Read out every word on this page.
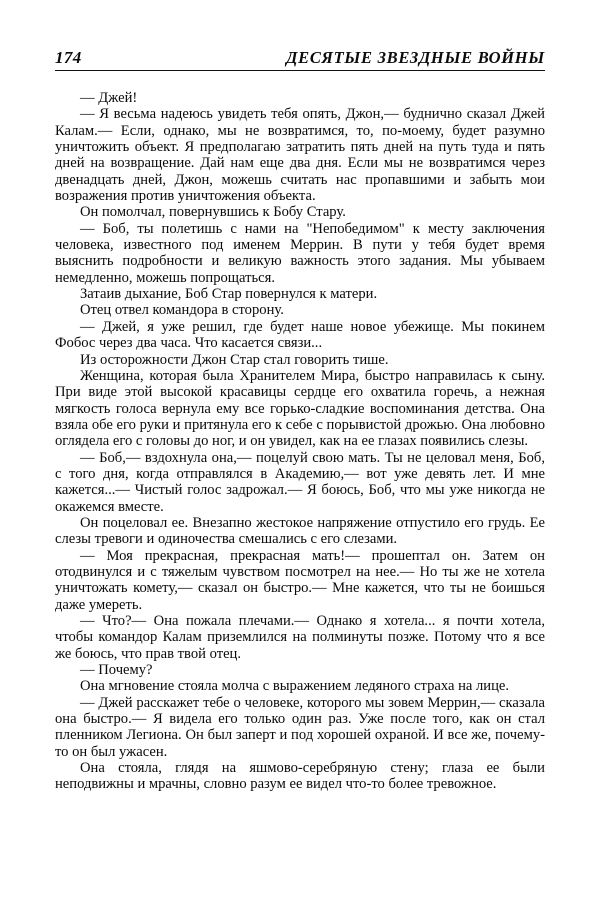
174	ДЕСЯТЫЕ ЗВЕЗДНЫЕ ВОЙНЫ

— Джей!

— Я весьма надеюсь увидеть тебя опять, Джон,— буднично сказал Джей Калам.— Если, однако, мы не возвратимся, то, по-моему, будет разумно уничтожить объект. Я предполагаю затратить пять дней на путь туда и пять дней на возвращение. Дай нам еще два дня. Если мы не возвратимся через двенадцать дней, Джон, можешь считать нас пропавшими и забыть мои возражения против уничтожения объекта.

Он помолчал, повернувшись к Бобу Стару.

— Боб, ты полетишь с нами на "Непобедимом" к месту заключения человека, известного под именем Меррин. В пути у тебя будет время выяснить подробности и великую важность этого задания. Мы убываем немедленно, можешь попрощаться.

Затаив дыхание, Боб Стар повернулся к матери.

Отец отвел командора в сторону.

— Джей, я уже решил, где будет наше новое убежище. Мы покинем Фобос через два часа. Что касается связи...

Из осторожности Джон Стар стал говорить тише.

Женщина, которая была Хранителем Мира, быстро направилась к сыну. При виде этой высокой красавицы сердце его охватила горечь, а нежная мягкость голоса вернула ему все горько-сладкие воспоминания детства. Она взяла обе его руки и притянула его к себе с порывистой дрожью. Она любовно оглядела его с головы до ног, и он увидел, как на ее глазах появились слезы.

— Боб,— вздохнула она,— поцелуй свою мать. Ты не целовал меня, Боб, с того дня, когда отправлялся в Академию,— вот уже девять лет. И мне кажется...— Чистый голос задрожал.— Я боюсь, Боб, что мы уже никогда не окажемся вместе.

Он поцеловал ее. Внезапно жестокое напряжение отпустило его грудь. Ее слезы тревоги и одиночества смешались с его слезами.

— Моя прекрасная, прекрасная мать!— прошептал он. Затем он отодвинулся и с тяжелым чувством посмотрел на нее.— Но ты же не хотела уничтожать комету,— сказал он быстро.— Мне кажется, что ты не боишься даже умереть.

— Что?— Она пожала плечами.— Однако я хотела... я почти хотела, чтобы командор Калам приземлился на полминуты позже. Потому что я все же боюсь, что прав твой отец.

— Почему?

Она мгновение стояла молча с выражением ледяного страха на лице.

— Джей расскажет тебе о человеке, которого мы зовем Меррин,— сказала она быстро.— Я видела его только один раз. Уже после того, как он стал пленником Легиона. Он был заперт и под хорошей охраной. И все же, почему-то он был ужасен.

Она стояла, глядя на яшмово-серебряную стену; глаза ее были неподвижны и мрачны, словно разум ее видел что-то более тревожное.
